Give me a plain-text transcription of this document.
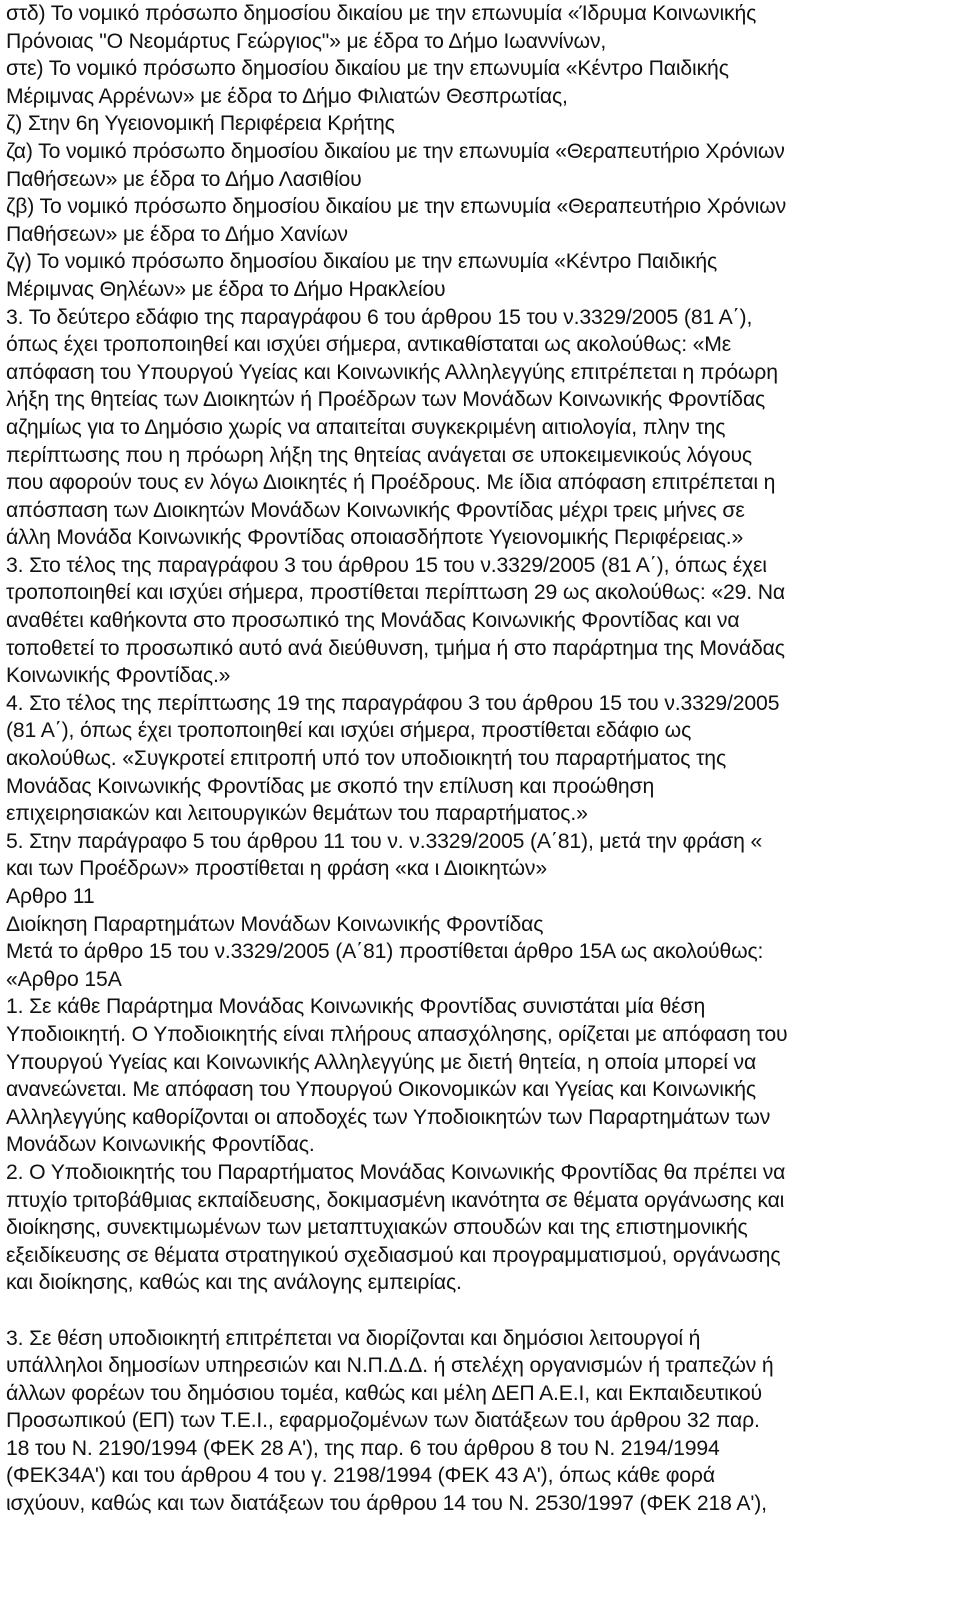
στδ) Το νομικό πρόσωπο δημοσίου δικαίου με την επωνυμία «Ίδρυμα Κοινωνικής
Πρόνοιας "Ο Νεομάρτυς Γεώργιος"» με έδρα το Δήμο Ιωαννίνων,
στε) Το νομικό πρόσωπο δημοσίου δικαίου με την επωνυμία «Κέντρο Παιδικής
Μέριμνας Αρρένων» με έδρα το Δήμο Φιλιατών Θεσπρωτίας,
ζ) Στην 6η Υγειονομική Περιφέρεια Κρήτης
ζα) Το νομικό πρόσωπο δημοσίου δικαίου με την επωνυμία «Θεραπευτήριο Χρόνιων
Παθήσεων» με έδρα το Δήμο Λασιθίου
ζβ) Το νομικό πρόσωπο δημοσίου δικαίου με την επωνυμία «Θεραπευτήριο Χρόνιων
Παθήσεων» με έδρα το Δήμο Χανίων
ζγ) Το νομικό πρόσωπο δημοσίου δικαίου με την επωνυμία «Κέντρο Παιδικής
Μέριμνας Θηλέων» με έδρα το Δήμο Ηρακλείου
3. Το δεύτερο εδάφιο της παραγράφου 6 του άρθρου 15 του ν.3329/2005 (81 Α΄),
όπως έχει τροποποιηθεί και ισχύει σήμερα, αντικαθίσταται ως ακολούθως: «Με
απόφαση του Υπουργού Υγείας και Κοινωνικής Αλληλεγγύης επιτρέπεται η πρόωρη
λήξη της θητείας των Διοικητών ή Προέδρων των Μονάδων Κοινωνικής Φροντίδας
αζημίως για το Δημόσιο χωρίς να απαιτείται συγκεκριμένη αιτιολογία, πλην της
περίπτωσης που η πρόωρη λήξη της θητείας ανάγεται σε υποκειμενικούς λόγους
που αφορούν τους εν λόγω Διοικητές ή Προέδρους. Με ίδια απόφαση επιτρέπεται η
απόσπαση των Διοικητών Μονάδων Κοινωνικής Φροντίδας μέχρι τρεις μήνες σε
άλλη Μονάδα Κοινωνικής Φροντίδας οποιασδήποτε Υγειονομικής Περιφέρειας.»
3. Στο τέλος της παραγράφου 3 του άρθρου 15 του ν.3329/2005 (81 Α΄), όπως έχει
τροποποιηθεί και ισχύει σήμερα, προστίθεται περίπτωση 29 ως ακολούθως: «29. Να
αναθέτει καθήκοντα στο προσωπικό της Μονάδας Κοινωνικής Φροντίδας και να
τοποθετεί το προσωπικό αυτό ανά διεύθυνση, τμήμα ή στο παράρτημα της Μονάδας
Κοινωνικής Φροντίδας.»
4. Στο τέλος της περίπτωσης 19 της παραγράφου 3 του άρθρου 15 του ν.3329/2005
(81 Α΄), όπως έχει τροποποιηθεί και ισχύει σήμερα, προστίθεται εδάφιο ως
ακολούθως. «Συγκροτεί επιτροπή υπό τον υποδιοικητή του παραρτήματος της
Μονάδας Κοινωνικής Φροντίδας με σκοπό την επίλυση και προώθηση
επιχειρησιακών και λειτουργικών θεμάτων του παραρτήματος.»
5. Στην παράγραφο 5 του άρθρου 11 του ν. ν.3329/2005 (Α΄81), μετά την φράση «
και των Προέδρων» προστίθεται η φράση «κα ι Διοικητών»
Αρθρο 11
Διοίκηση Παραρτημάτων Μονάδων Κοινωνικής Φροντίδας
Μετά το άρθρο 15 του ν.3329/2005 (Α΄81) προστίθεται άρθρο 15Α ως ακολούθως:
«Αρθρο 15Α
1. Σε κάθε Παράρτημα Μονάδας Κοινωνικής Φροντίδας συνιστάται μία θέση
Υποδιοικητή. Ο Υποδιοικητής είναι πλήρους απασχόλησης, ορίζεται με απόφαση του
Υπουργού Υγείας και Κοινωνικής Αλληλεγγύης με διετή θητεία, η οποία μπορεί να
ανανεώνεται. Με απόφαση του Υπουργού Οικονομικών και Υγείας και Κοινωνικής
Αλληλεγγύης καθορίζονται οι αποδοχές των Υποδιοικητών των Παραρτημάτων των
Μονάδων Κοινωνικής Φροντίδας.
2. Ο Υποδιοικητής του Παραρτήματος Μονάδας Κοινωνικής Φροντίδας θα πρέπει να
πτυχίο τριτοβάθμιας εκπαίδευσης, δοκιμασμένη ικανότητα σε θέματα οργάνωσης και
διοίκησης, συνεκτιμωμένων των μεταπτυχιακών σπουδών και της επιστημονικής
εξειδίκευσης σε θέματα στρατηγικού σχεδιασμού και προγραμματισμού, οργάνωσης
και διοίκησης, καθώς και της ανάλογης εμπειρίας.
3. Σε θέση υποδιοικητή επιτρέπεται να διορίζονται και δημόσιοι λειτουργοί ή
υπάλληλοι δημοσίων υπηρεσιών και Ν.Π.Δ.Δ. ή στελέχη οργανισμών ή τραπεζών ή
άλλων φορέων του δημόσιου τομέα, καθώς και μέλη ΔΕΠ Α.Ε.Ι, και Εκπαιδευτικού
Προσωπικού (ΕΠ) των Τ.Ε.Ι., εφαρμοζομένων των διατάξεων του άρθρου 32 παρ.
18 του Ν. 2190/1994 (ΦΕΚ 28 Α'), της παρ. 6 του άρθρου 8 του Ν. 2194/1994
(ΦΕΚ34Α') και του άρθρου 4 του γ. 2198/1994 (ΦΕΚ 43 Α'), όπως κάθε φορά
ισχύουν, καθώς και των διατάξεων του άρθρου 14 του Ν. 2530/1997 (ΦΕΚ 218 Α'),
